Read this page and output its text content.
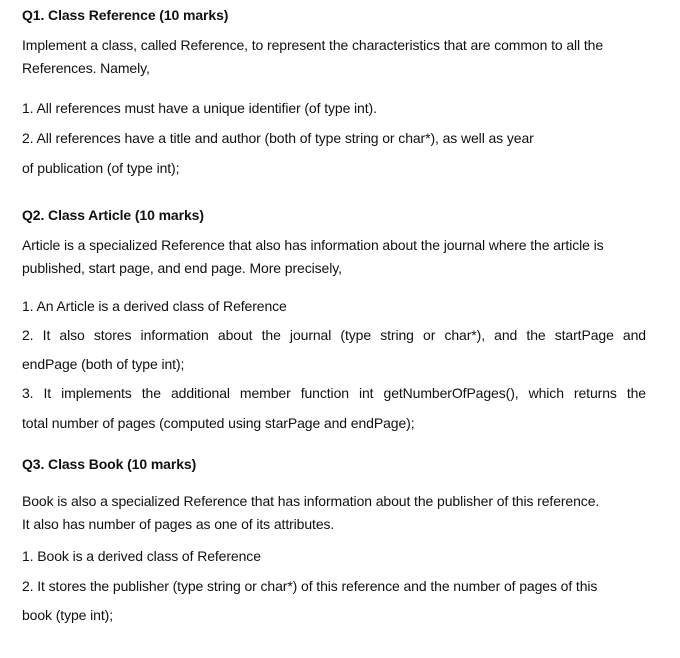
Q1. Class Reference (10 marks)
Implement a class, called Reference, to represent the characteristics that are common to all the
References. Namely,
1. All references must have a unique identifier (of type int).
2. All references have a title and author (both of type string or char*), as well as year
of publication (of type int);
Q2. Class Article (10 marks)
Article is a specialized Reference that also has information about the journal where the article is
published, start page, and end page. More precisely,
1. An Article is a derived class of Reference
2. It also stores information about the journal (type string or char*), and the startPage and
endPage (both of type int);
3. It implements the additional member function int getNumberOfPages(), which returns the
total number of pages (computed using starPage and endPage);
Q3. Class Book (10 marks)
Book is also a specialized Reference that has information about the publisher of this reference.
It also has number of pages as one of its attributes.
1. Book is a derived class of Reference
2. It stores the publisher (type string or char*) of this reference and the number of pages of this
book (type int);
